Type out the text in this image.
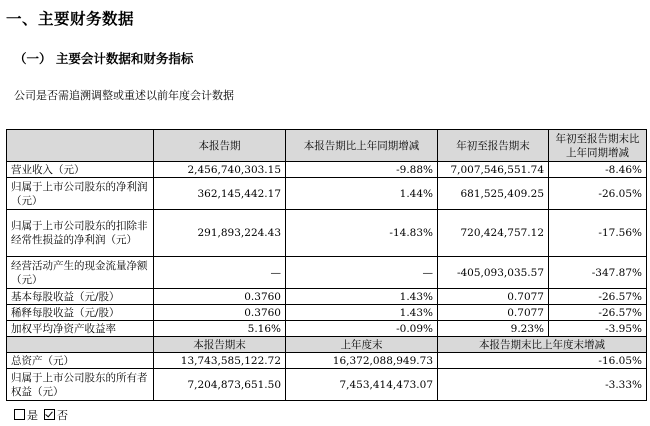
一、主要财务数据
（一） 主要会计数据和财务指标
公司是否需追溯调整或重述以前年度会计数据
	本报告期	本报告期比上年同期增减	年初至报告期末	年初至报告期末比上年同期增减
营业收入（元）	2,456,740,303.15	-9.88%	7,007,546,551.74	-8.46%
归属于上市公司股东的净利润（元）	362,145,442.17	1.44%	681,525,409.25	-26.05%
归属于上市公司股东的扣除非经常性损益的净利润（元）	291,893,224.43	-14.83%	720,424,757.12	-17.56%
经营活动产生的现金流量净额（元）	—	—	-405,093,035.57	-347.87%
基本每股收益（元/股）	0.3760	1.43%	0.7077	-26.57%
稀释每股收益（元/股）	0.3760	1.43%	0.7077	-26.57%
加权平均净资产收益率	5.16%	-0.09%	9.23%	-3.95%
	本报告期末	上年度末	本报告期末比上年度末增减	
总资产（元）	13,743,585,122.72	16,372,088,949.73	-16.05%	
归属于上市公司股东的所有者权益（元）	7,204,873,651.50	7,453,414,473.07	-3.33%	
是 否
